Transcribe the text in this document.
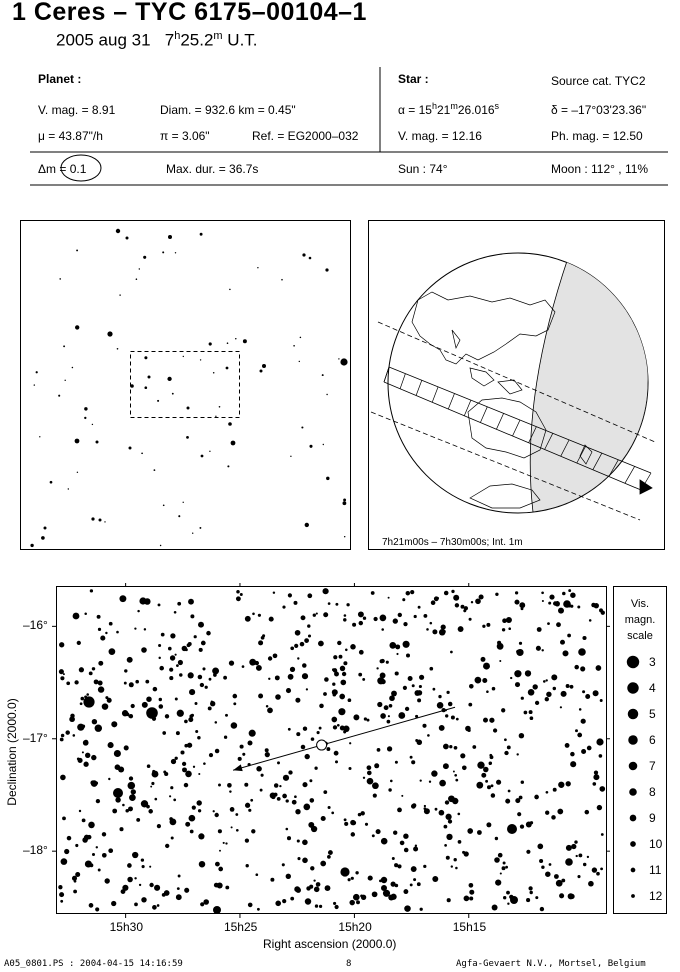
1 Ceres – TYC 6175–00104–1
2005 aug 31 7$^h$25.2$^m$ U.T.
Planet :
V. mag. = 8.91	Diam. = 932.6 km = 0.45"
μ = 43.87"/h	π = 3.06"	Ref. = EG2000–032
Δm = 0.1	Max. dur. = 36.7s
Star :	Source cat. TYC2
$\alpha = 15^h21^m26.016^s$	δ = –17°03'23.36"
V. mag. = 12.16	Ph. mag. = 12.50
Sun : 74°	Moon : 112° , 11%
7h21m00s – 7h30m00s; Int. 1m
Vis.
magn.
scale
3
4
5
6
7
8
9
10
11
12
Right ascension (2000.0)
Declination (2000.0)
15h30	15h25	15h20	15h15
–16°
–17°
–18°
A05_0801.PS : 2004-04-15 14:16:59	8	Agfa-Gevaert N.V., Mortsel, Belgium
